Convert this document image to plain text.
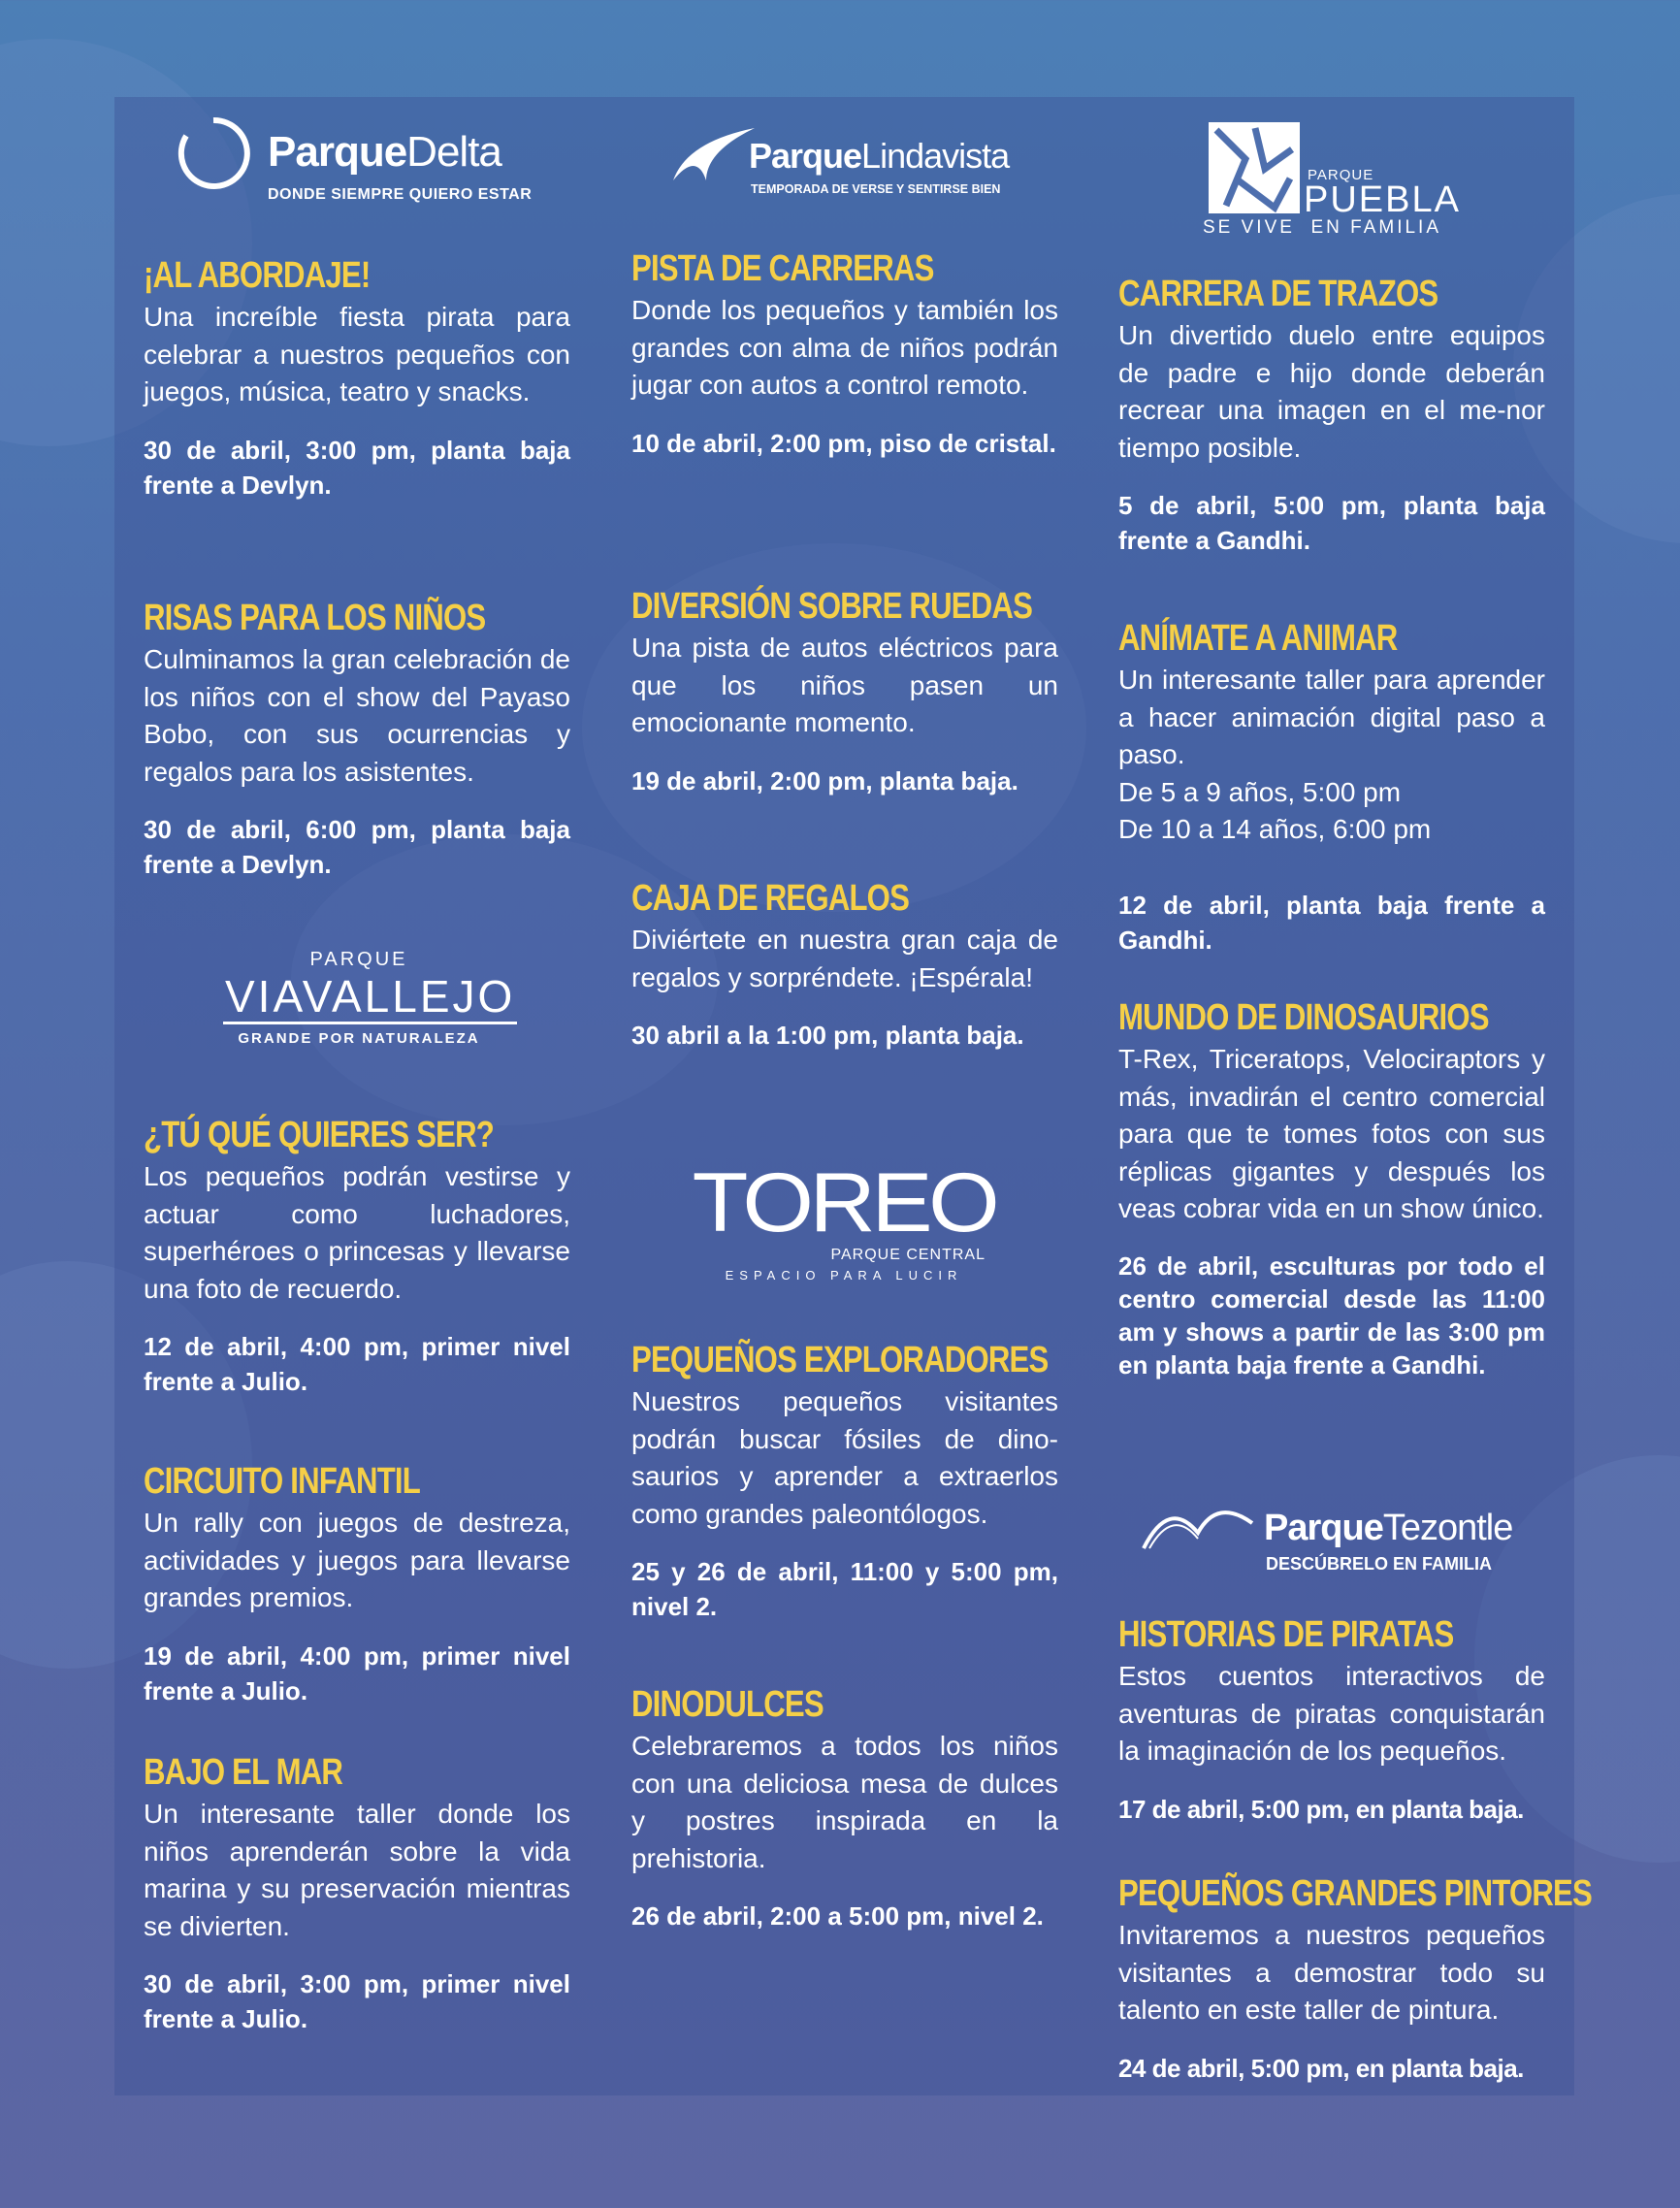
ParqueDelta
DONDE SIEMPRE QUIERO ESTAR
¡AL ABORDAJE!

Una increíble fiesta pirata para celebrar a nuestros pequeños con juegos, música, teatro y snacks.

30 de abril, 3:00 pm, planta baja frente a Devlyn.

RISAS PARA LOS NIÑOS

Culminamos la gran celebración de los niños con el show del Payaso Bobo, con sus ocurrencias y regalos para los asistentes.

30 de abril, 6:00 pm, planta baja frente a Devlyn.

PARQUE
VIAVALLEJO
GRANDE POR NATURALEZA
¿TÚ QUÉ QUIERES SER?

Los pequeños podrán vestirse y actuar como luchadores, superhéroes o princesas y llevarse una foto de recuerdo.

12 de abril, 4:00 pm, primer nivel frente a Julio.

CIRCUITO INFANTIL

Un rally con juegos de destreza, actividades y juegos para llevarse grandes premios.

19 de abril, 4:00 pm, primer nivel frente a Julio.

BAJO EL MAR

Un interesante taller donde los niños aprenderán sobre la vida marina y su preservación mientras se divierten.

30 de abril, 3:00 pm, primer nivel frente a Julio.

ParqueLindavista
TEMPORADA DE VERSE Y SENTIRSE BIEN
PISTA DE CARRERAS

Donde los pequeños y también los grandes con alma de niños podrán jugar con autos a control remoto.

10 de abril, 2:00 pm, piso de cristal.

DIVERSIÓN SOBRE RUEDAS

Una pista de autos eléctricos para que los niños pasen un emocionante momento.

19 de abril, 2:00 pm, planta baja.

CAJA DE REGALOS

Diviértete en nuestra gran caja de regalos y sorpréndete. ¡Espérala!

30 abril a la 1:00 pm, planta baja.

TOREO
PARQUE CENTRAL
ESPACIO PARA LUCIR
PEQUEÑOS EXPLORADORES

Nuestros pequeños visitantes podrán buscar fósiles de dino-saurios y aprender a extraerlos como grandes paleontólogos.

25 y 26 de abril, 11:00 y 5:00 pm, nivel 2.

DINODULCES

Celebraremos a todos los niños con una deliciosa mesa de dulces y postres inspirada en la prehistoria.

26 de abril, 2:00 a 5:00 pm, nivel 2.

PARQUE
PUEBLA
SE VIVE  EN FAMILIA
CARRERA DE TRAZOS

Un divertido duelo entre equipos de padre e hijo donde deberán recrear una imagen en el me-nor tiempo posible.

5 de abril, 5:00 pm, planta baja frente a Gandhi.

ANÍMATE A ANIMAR

Un interesante taller para aprender a hacer animación digital paso a paso.

De 5 a 9 años, 5:00 pm

De 10 a 14 años, 6:00 pm

12 de abril, planta baja frente a Gandhi.

MUNDO DE DINOSAURIOS

T-Rex, Triceratops, Velociraptors y más, invadirán el centro comercial para que te tomes fotos con sus réplicas gigantes y después los veas cobrar vida en un show único.

26 de abril, esculturas por todo el centro comercial desde las 11:00 am y shows a partir de las 3:00 pm en planta baja frente a Gandhi.

ParqueTezontle
DESCÚBRELO EN FAMILIA
HISTORIAS DE PIRATAS

Estos cuentos interactivos de aventuras de piratas conquistarán la imaginación de los pequeños.

17 de abril, 5:00 pm, en planta baja.

PEQUEÑOS GRANDES PINTORES

Invitaremos a nuestros pequeños visitantes a demostrar todo su talento en este taller de pintura.

24 de abril, 5:00 pm, en planta baja.
